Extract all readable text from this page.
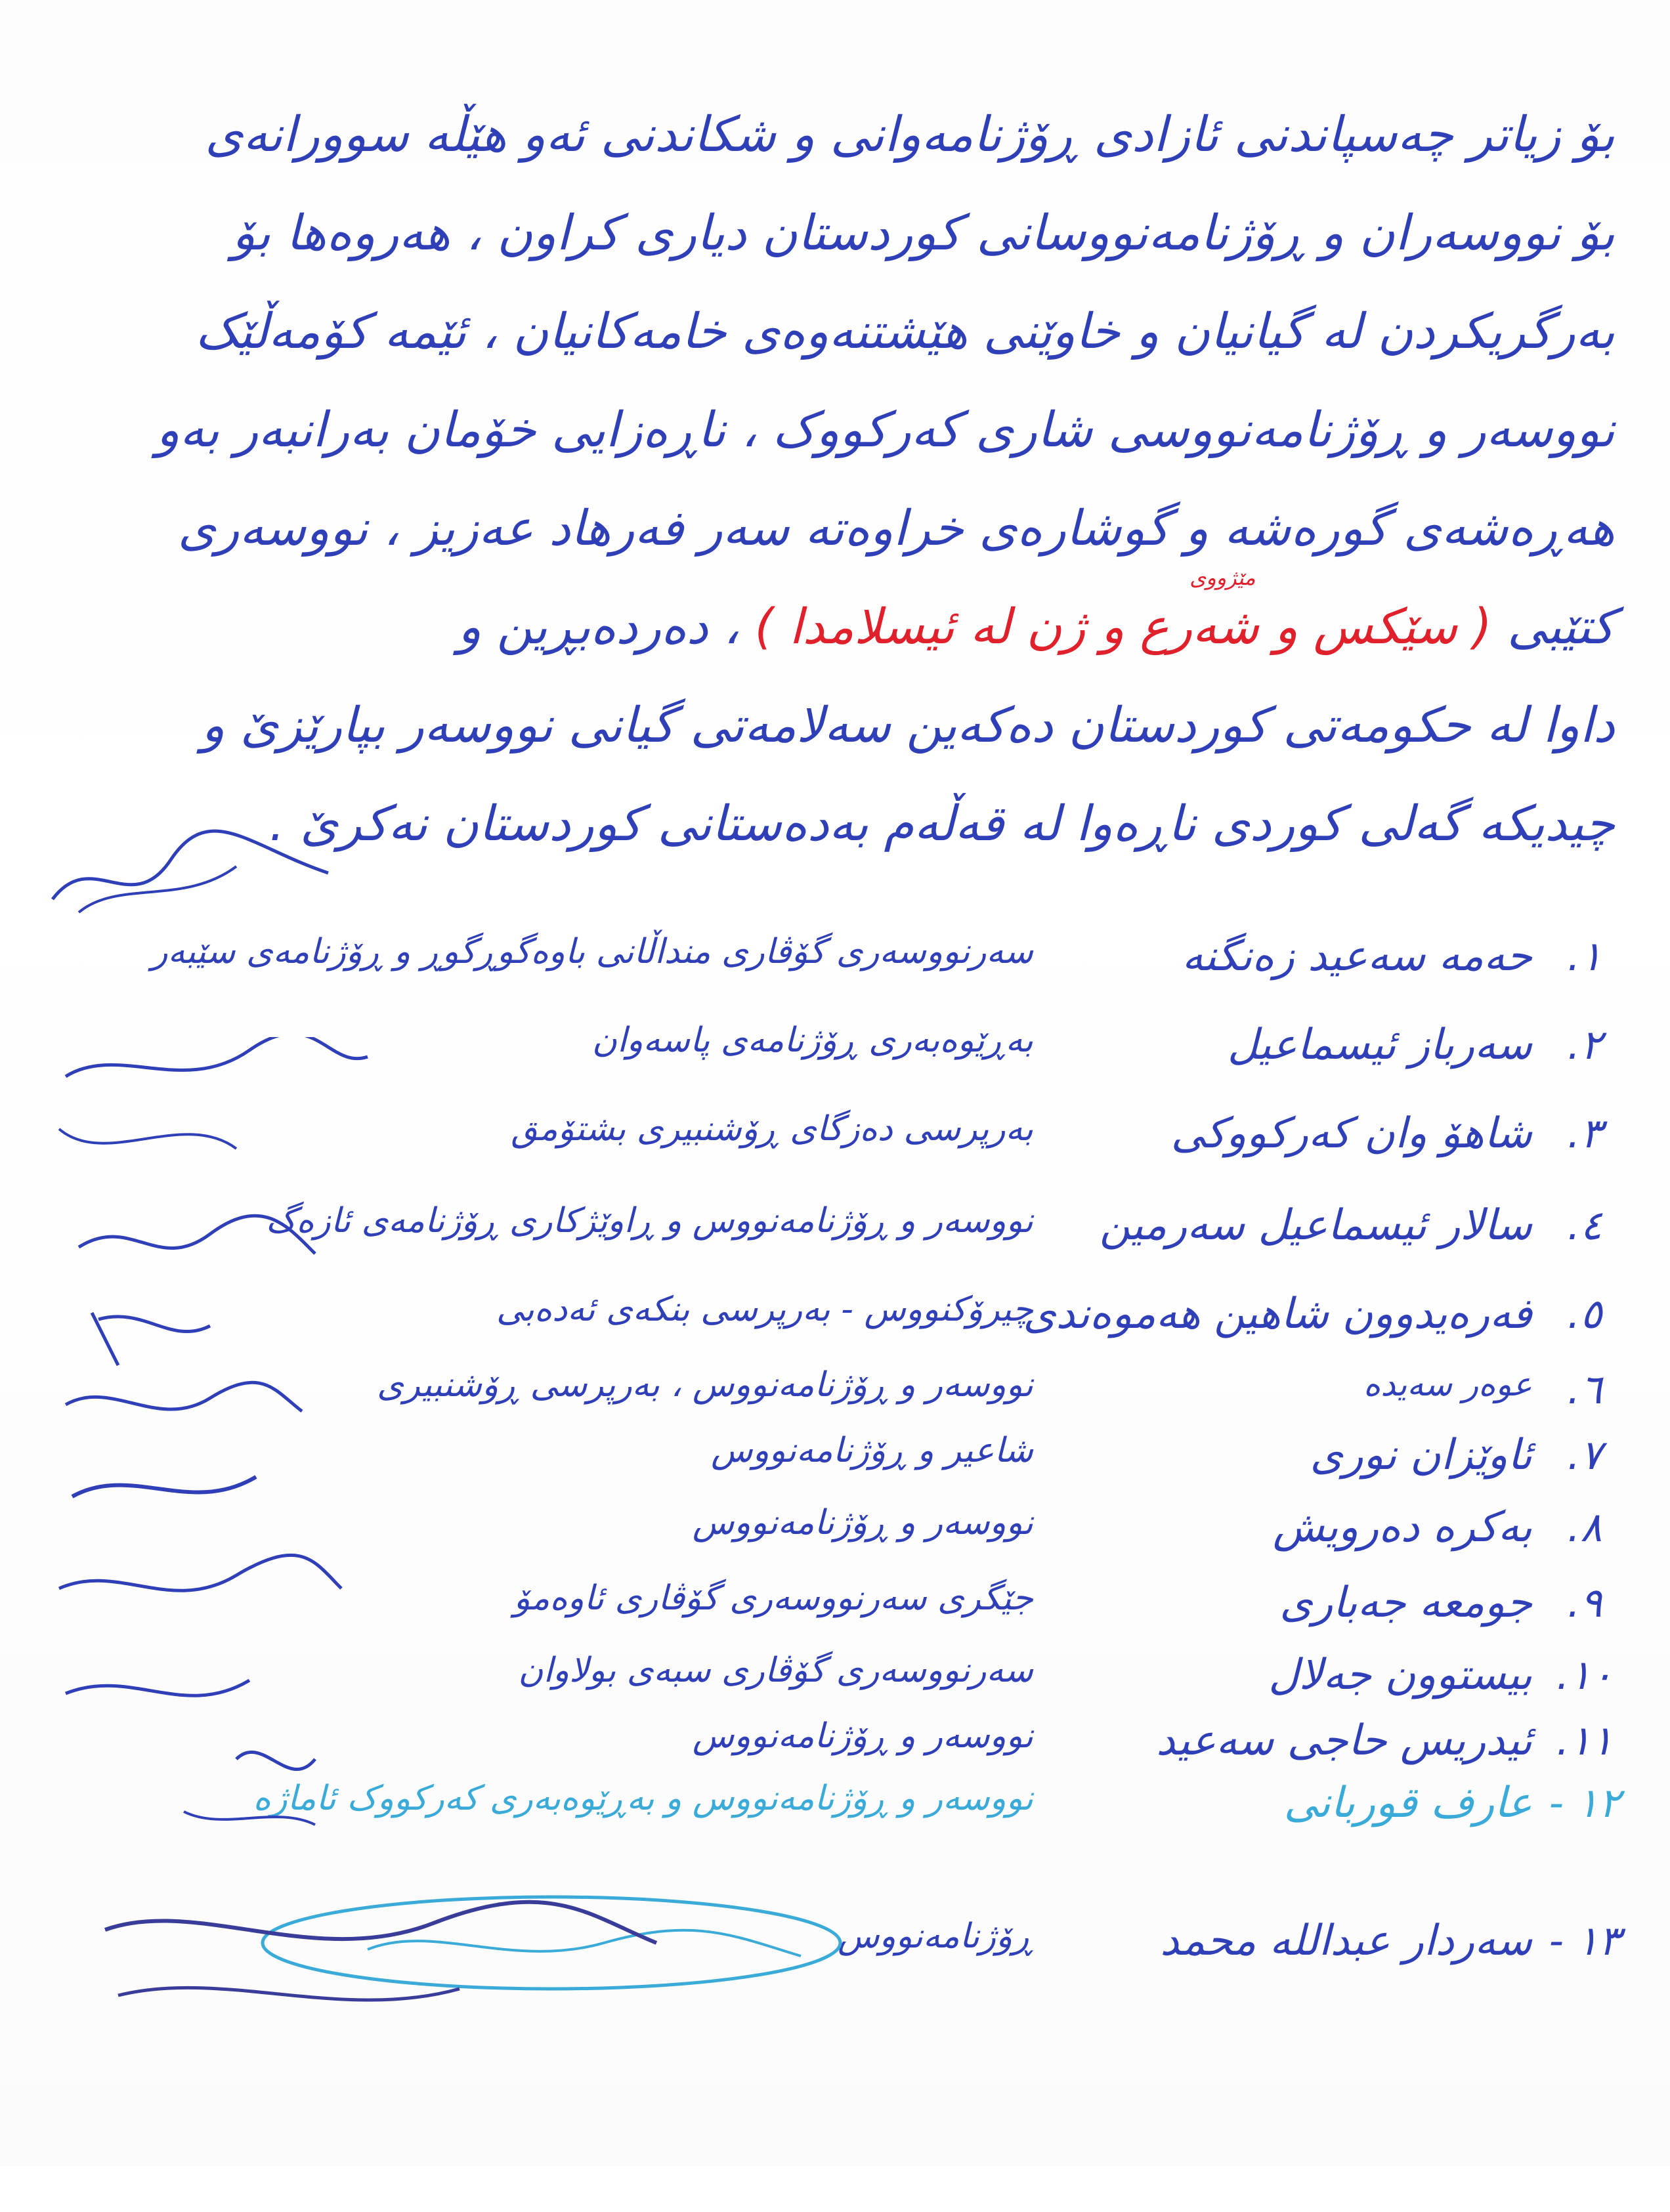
بۆ زیاتر چەسپاندنی ئازادی ڕۆژنامەوانی و شکاندنی ئەو هێڵە سوورانەی
بۆ نووسەران و ڕۆژنامەنووسانی کوردستان دیاری کراون ، هەروەها بۆ
بەرگریکردن لە گیانیان و خاوێنی هێشتنەوەی خامەکانیان ، ئێمە کۆمەڵێک
نووسەر و ڕۆژنامەنووسی شاری کەرکووک ، ناڕەزایی خۆمان بەرانبەر بەو
هەڕەشەی گورەشە و گوشارەی خراوەتە سەر فەرهاد عەزیز ، نووسەری
کتێبی ( سێکس و شەرع و ژن لە ئیسلامدا )
مێژووی
، دەردەبڕین و
داوا لە حکومەتی کوردستان دەکەین سەلامەتی گیانی نووسەر بپارێزێ و
چیدیکە گەلی کوردی ناڕەوا لە قەڵەم بەدەستانی کوردستان نەکرێ .
١.
حەمە سەعید زەنگنە
سەرنووسەری گۆڤاری منداڵانی باوەگوڕگوڕ و ڕۆژنامەی سێبەر
٢.
سەرباز ئیسماعیل
بەڕێوەبەری ڕۆژنامەی پاسەوان
٣.
شاھۆ وان کەرکووکی
بەرپرسی دەزگای ڕۆشنبیری بشتۆمق
٤.
سالار ئیسماعیل سەرمین
نووسەر و ڕۆژنامەنووس و ڕاوێژکاری ڕۆژنامەی ئازەگ
٥.
فەرەیدوون شاهین هەموەندی
چیرۆکنووس - بەرپرسی بنکەی ئەدەبی
٦.
عوەر سەیدە
نووسەر و ڕۆژنامەنووس ، بەرپرسی ڕۆشنبیری
٧.
ئاوێزان نوری
شاعیر و ڕۆژنامەنووس
٨.
بەکرە دەرویش
نووسەر و ڕۆژنامەنووس
٩.
جومعە جەباری
جێگری سەرنووسەری گۆڤاری ئاوەمۆ
١٠.
بیستوون جەلال
سەرنووسەری گۆڤاری سبەی بولاوان
١١.
ئیدریس حاجی سەعید
نووسەر و ڕۆژنامەنووس
١٢ -
عارف قوربانی
نووسەر و ڕۆژنامەنووس و بەڕێوەبەری کەرکووک ئاماژە
١٣ -
سەردار عبدالله محمد
ڕۆژنامەنووس
